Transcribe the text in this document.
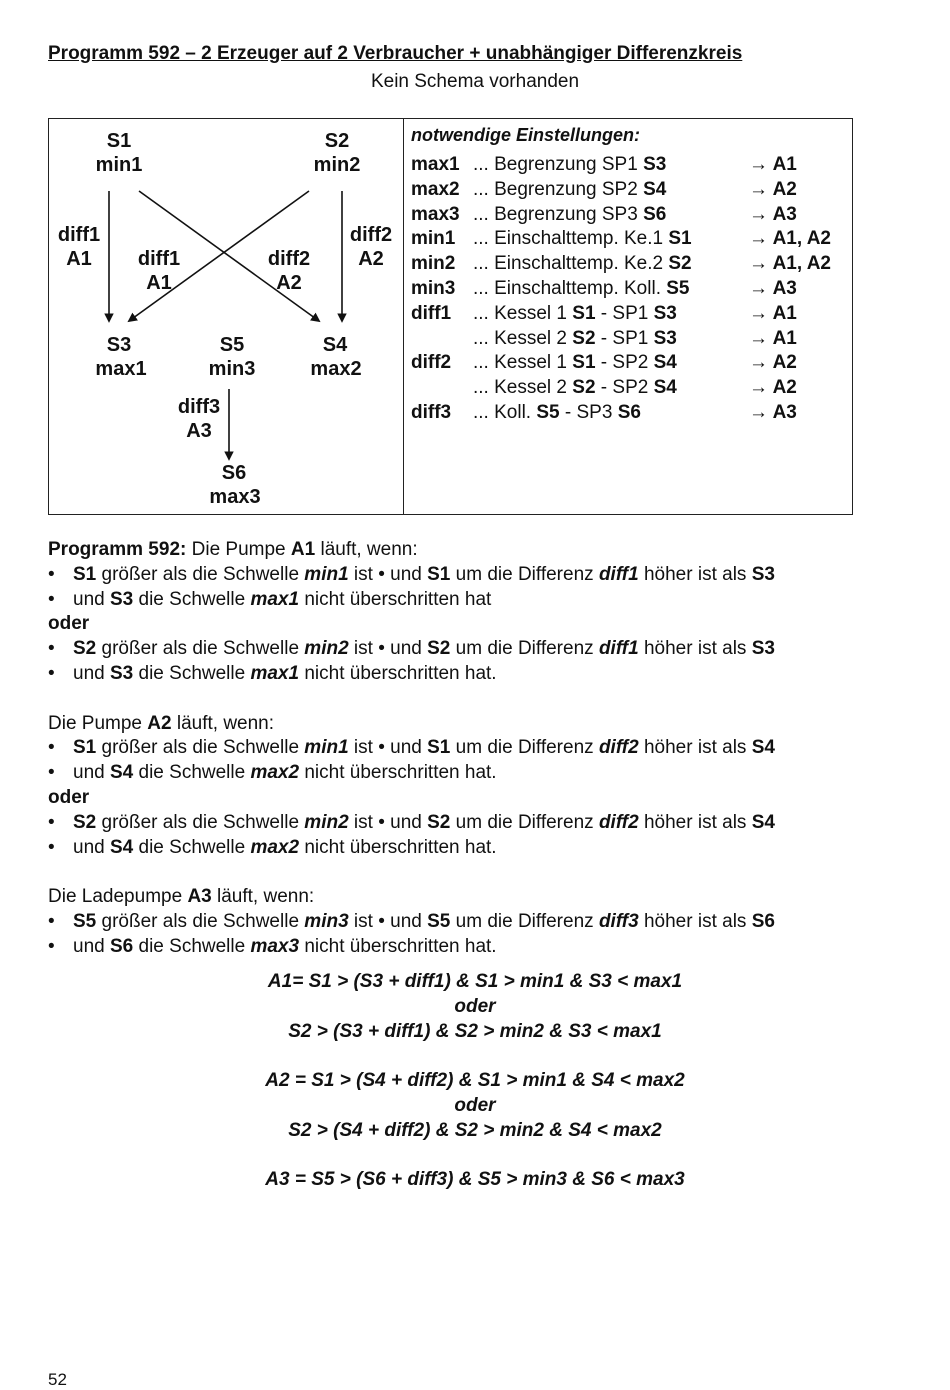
Programm 592 – 2 Erzeuger auf 2 Verbraucher + unabhängiger Differenzkreis

Kein Schema vorhanden

S1
min1
S2
min2
diff1
A1 diff1
A1
diff2
A2
diff2
A2
S3
max1
S5
min3
S4
max2
diff3
A3
S6
max3
notwendige Einstellungen:
max1 ... Begrenzung SP1 S3	→ A1
max2 ... Begrenzung SP2 S4	→ A2
max3 ... Begrenzung SP3 S6	→ A3
min1 ... Einschalttemp. Ke.1 S1	→ A1, A2
min2 ... Einschalttemp. Ke.2 S2	→ A1, A2
min3 ... Einschalttemp. Koll. S5	→ A3
diff1 ... Kessel 1 S1 - SP1 S3	→ A1
... Kessel 2 S2 - SP1 S3	→ A1
diff2 ... Kessel 1 S1 - SP2 S4	→ A2
... Kessel 2 S2 - SP2 S4	→ A2
diff3 ... Koll. S5 - SP3 S6	→ A3
Programm 592: Die Pumpe A1 läuft, wenn:
• S1 größer als die Schwelle min1 ist • und S1 um die Differenz diff1 höher ist als S3
• und S3 die Schwelle max1 nicht überschritten hat
oder
• S2 größer als die Schwelle min2 ist • und S2 um die Differenz diff1 höher ist als S3
• und S3 die Schwelle max1 nicht überschritten hat.
Die Pumpe A2 läuft, wenn:
• S1 größer als die Schwelle min1 ist • und S1 um die Differenz diff2 höher ist als S4
• und S4 die Schwelle max2 nicht überschritten hat.
oder
• S2 größer als die Schwelle min2 ist • und S2 um die Differenz diff2 höher ist als S4
• und S4 die Schwelle max2 nicht überschritten hat.
Die Ladepumpe A3 läuft, wenn:
• S5 größer als die Schwelle min3 ist • und S5 um die Differenz diff3 höher ist als S6
• und S6 die Schwelle max3 nicht überschritten hat.
A1= S1 > (S3 + diff1) & S1 > min1 & S3 < max1
oder
S2 > (S3 + diff1) & S2 > min2 & S3 < max1
A2 = S1 > (S4 + diff2) & S1 > min1 & S4 < max2
oder
S2 > (S4 + diff2) & S2 > min2 & S4 < max2
A3 = S5 > (S6 + diff3) & S5 > min3 & S6 < max3
52
